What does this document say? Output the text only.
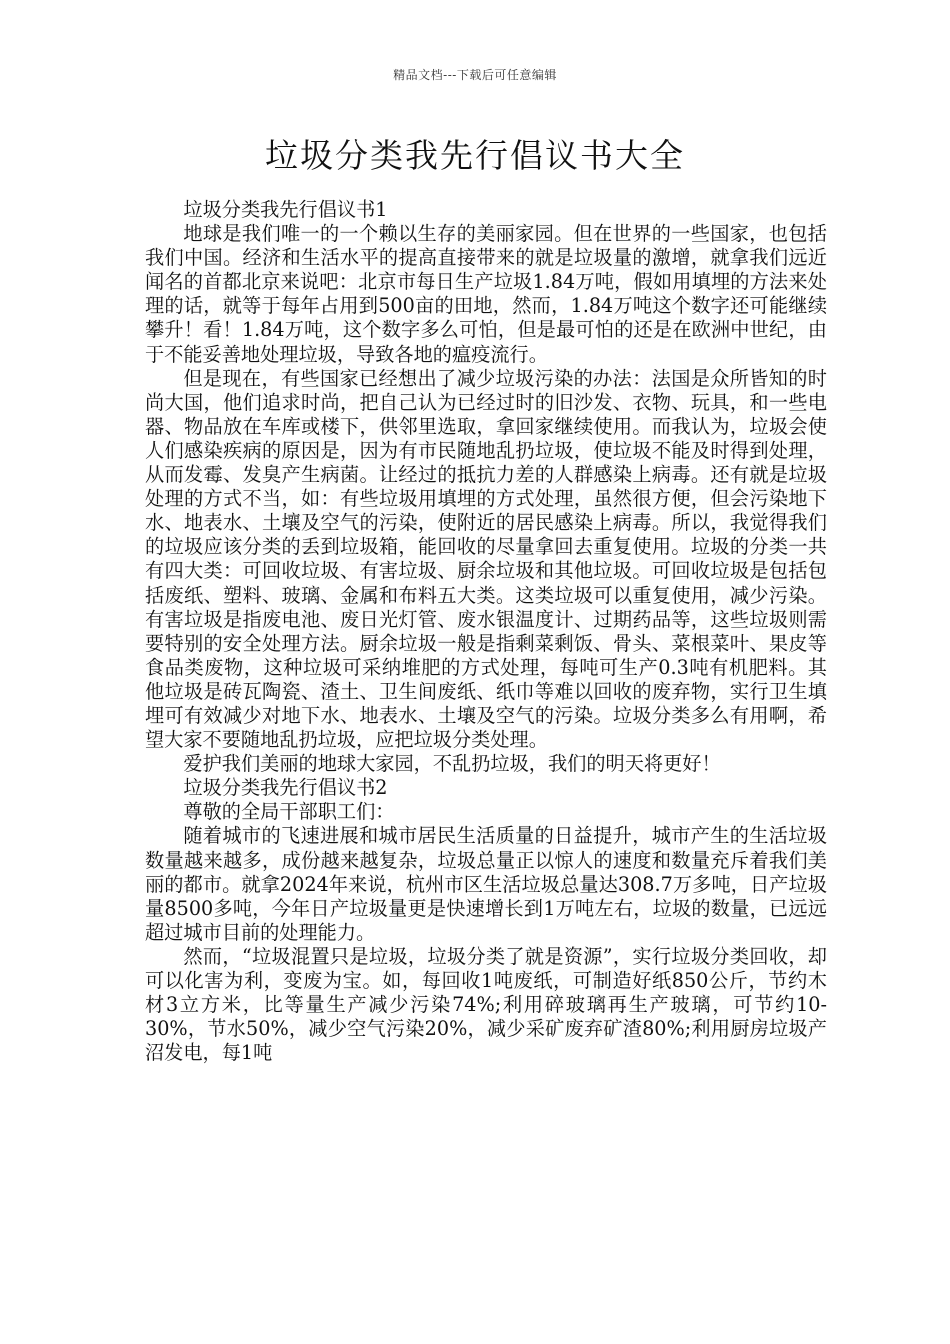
精品文档---下载后可任意编辑
垃圾分类我先行倡议书大全

垃圾分类我先行倡议书1

地球是我们唯一的一个赖以生存的美丽家园。但在世界的一些国家，也包括我们中国。经济和生活水平的提高直接带来的就是垃圾量的激增，就拿我们远近闻名的首都北京来说吧：北京市每日生产垃圾1.84万吨，假如用填埋的方法来处理的话，就等于每年占用到500亩的田地，然而，1.84万吨这个数字还可能继续攀升！看！1.84万吨，这个数字多么可怕，但是最可怕的还是在欧洲中世纪，由于不能妥善地处理垃圾，导致各地的瘟疫流行。

但是现在，有些国家已经想出了减少垃圾污染的办法：法国是众所皆知的时尚大国，他们追求时尚，把自己认为已经过时的旧沙发、衣物、玩具，和一些电器、物品放在车库或楼下，供邻里选取，拿回家继续使用。而我认为，垃圾会使人们感染疾病的原因是，因为有市民随地乱扔垃圾，使垃圾不能及时得到处理，从而发霉、发臭产生病菌。让经过的抵抗力差的人群感染上病毒。还有就是垃圾处理的方式不当，如：有些垃圾用填埋的方式处理，虽然很方便，但会污染地下水、地表水、土壤及空气的污染，使附近的居民感染上病毒。所以，我觉得我们的垃圾应该分类的丢到垃圾箱，能回收的尽量拿回去重复使用。垃圾的分类一共有四大类：可回收垃圾、有害垃圾、厨余垃圾和其他垃圾。可回收垃圾是包括包括废纸、塑料、玻璃、金属和布料五大类。这类垃圾可以重复使用，减少污染。有害垃圾是指废电池、废日光灯管、废水银温度计、过期药品等，这些垃圾则需要特别的安全处理方法。厨余垃圾一般是指剩菜剩饭、骨头、菜根菜叶、果皮等食品类废物，这种垃圾可采纳堆肥的方式处理，每吨可生产0.3吨有机肥料。其他垃圾是砖瓦陶瓷、渣土、卫生间废纸、纸巾等难以回收的废弃物，实行卫生填埋可有效减少对地下水、地表水、土壤及空气的污染。垃圾分类多么有用啊，希望大家不要随地乱扔垃圾，应把垃圾分类处理。

爱护我们美丽的地球大家园，不乱扔垃圾，我们的明天将更好！

垃圾分类我先行倡议书2

尊敬的全局干部职工们：

随着城市的飞速进展和城市居民生活质量的日益提升，城市产生的生活垃圾数量越来越多，成份越来越复杂，垃圾总量正以惊人的速度和数量充斥着我们美丽的都市。就拿2024年来说，杭州市区生活垃圾总量达308.7万多吨，日产垃圾量8500多吨，今年日产垃圾量更是快速增长到1万吨左右，垃圾的数量，已远远超过城市目前的处理能力。

然而，“垃圾混置只是垃圾，垃圾分类了就是资源”，实行垃圾分类回收，却可以化害为利，变废为宝。如，每回收1吨废纸，可制造好纸850公斤，节约木材3立方米，比等量生产减少污染74%;利用碎玻璃再生产玻璃，可节约10-30%，节水50%，减少空气污染20%，减少采矿废弃矿渣80%;利用厨房垃圾产沼发电，每1吨
